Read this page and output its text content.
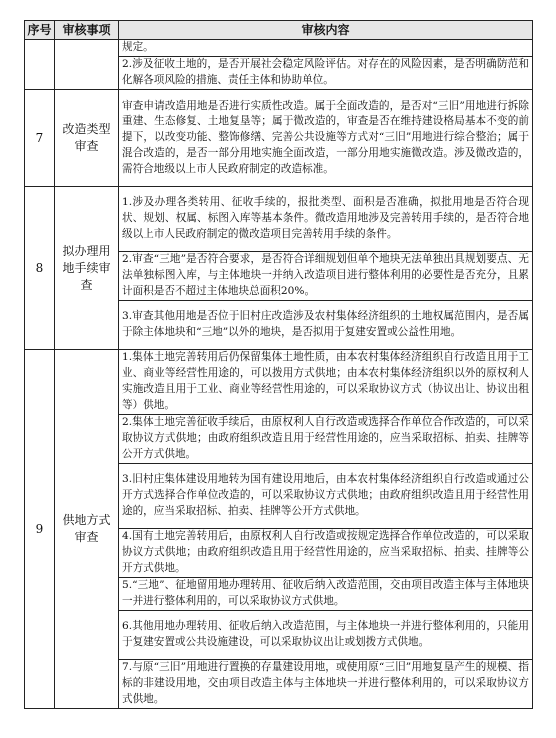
序号	审核事项	审核内容
		规定。
		2.涉及征收土地的，是否开展社会稳定风险评估。对存在的风险因素，是否明确防范和化解各项风险的措施、责任主体和协助单位。
7	改造类型审查	审查申请改造用地是否进行实质性改造。属于全面改造的，是否对“三旧”用地进行拆除重建、生态修复、土地复垦等；属于微改造的，审查是否在维持建设格局基本不变的前提下，以改变功能、整饰修缮、完善公共设施等方式对“三旧”用地进行综合整治；属于混合改造的，是否一部分用地实施全面改造，一部分用地实施微改造。涉及微改造的，需符合地级以上市人民政府制定的改造标准。
8	拟办理用地手续审查	1.涉及办理各类转用、征收手续的，报批类型、面积是否准确，拟批用地是否符合现状、规划、权属、标图入库等基本条件。微改造用地涉及完善转用手续的，是否符合地级以上市人民政府制定的微改造项目完善转用手续的条件。
		2.审查“三地”是否符合要求，是否符合详细规划但单个地块无法单独出具规划要点、无法单独标图入库，与主体地块一并纳入改造项目进行整体利用的必要性是否充分，且累计面积是否不超过主体地块总面积20%。
		3.审查其他用地是否位于旧村庄改造涉及农村集体经济组织的土地权属范围内，是否属于除主体地块和“三地”以外的地块，是否拟用于复建安置或公益性用地。
9	供地方式审查	1.集体土地完善转用后仍保留集体土地性质，由本农村集体经济组织自行改造且用于工业、商业等经营性用途的，可以拨用方式供地；由本农村集体经济组织以外的原权利人实施改造且用于工业、商业等经营性用途的，可以采取协议方式（协议出让、协议出租等）供地。
		2.集体土地完善征收手续后，由原权利人自行改造或选择合作单位合作改造的，可以采取协议方式供地；由政府组织改造且用于经营性用途的，应当采取招标、拍卖、挂牌等公开方式供地。
		3.旧村庄集体建设用地转为国有建设用地后，由本农村集体经济组织自行改造或通过公开方式选择合作单位改造的，可以采取协议方式供地；由政府组织改造且用于经营性用途的，应当采取招标、拍卖、挂牌等公开方式供地。
		4.国有土地完善转用后，由原权利人自行改造或按规定选择合作单位改造的，可以采取协议方式供地；由政府组织改造且用于经营性用途的，应当采取招标、拍卖、挂牌等公开方式供地。
		5.“三地”、征地留用地办理转用、征收后纳入改造范围，交由项目改造主体与主体地块一并进行整体利用的，可以采取协议方式供地。
		6.其他用地办理转用、征收后纳入改造范围，与主体地块一并进行整体利用的，只能用于复建安置或公共设施建设，可以采取协议出让或划拨方式供地。
		7.与原“三旧”用地进行置换的存量建设用地，或使用原“三旧”用地复垦产生的规模、指标的非建设用地，交由项目改造主体与主体地块一并进行整体利用的，可以采取协议方式供地。
